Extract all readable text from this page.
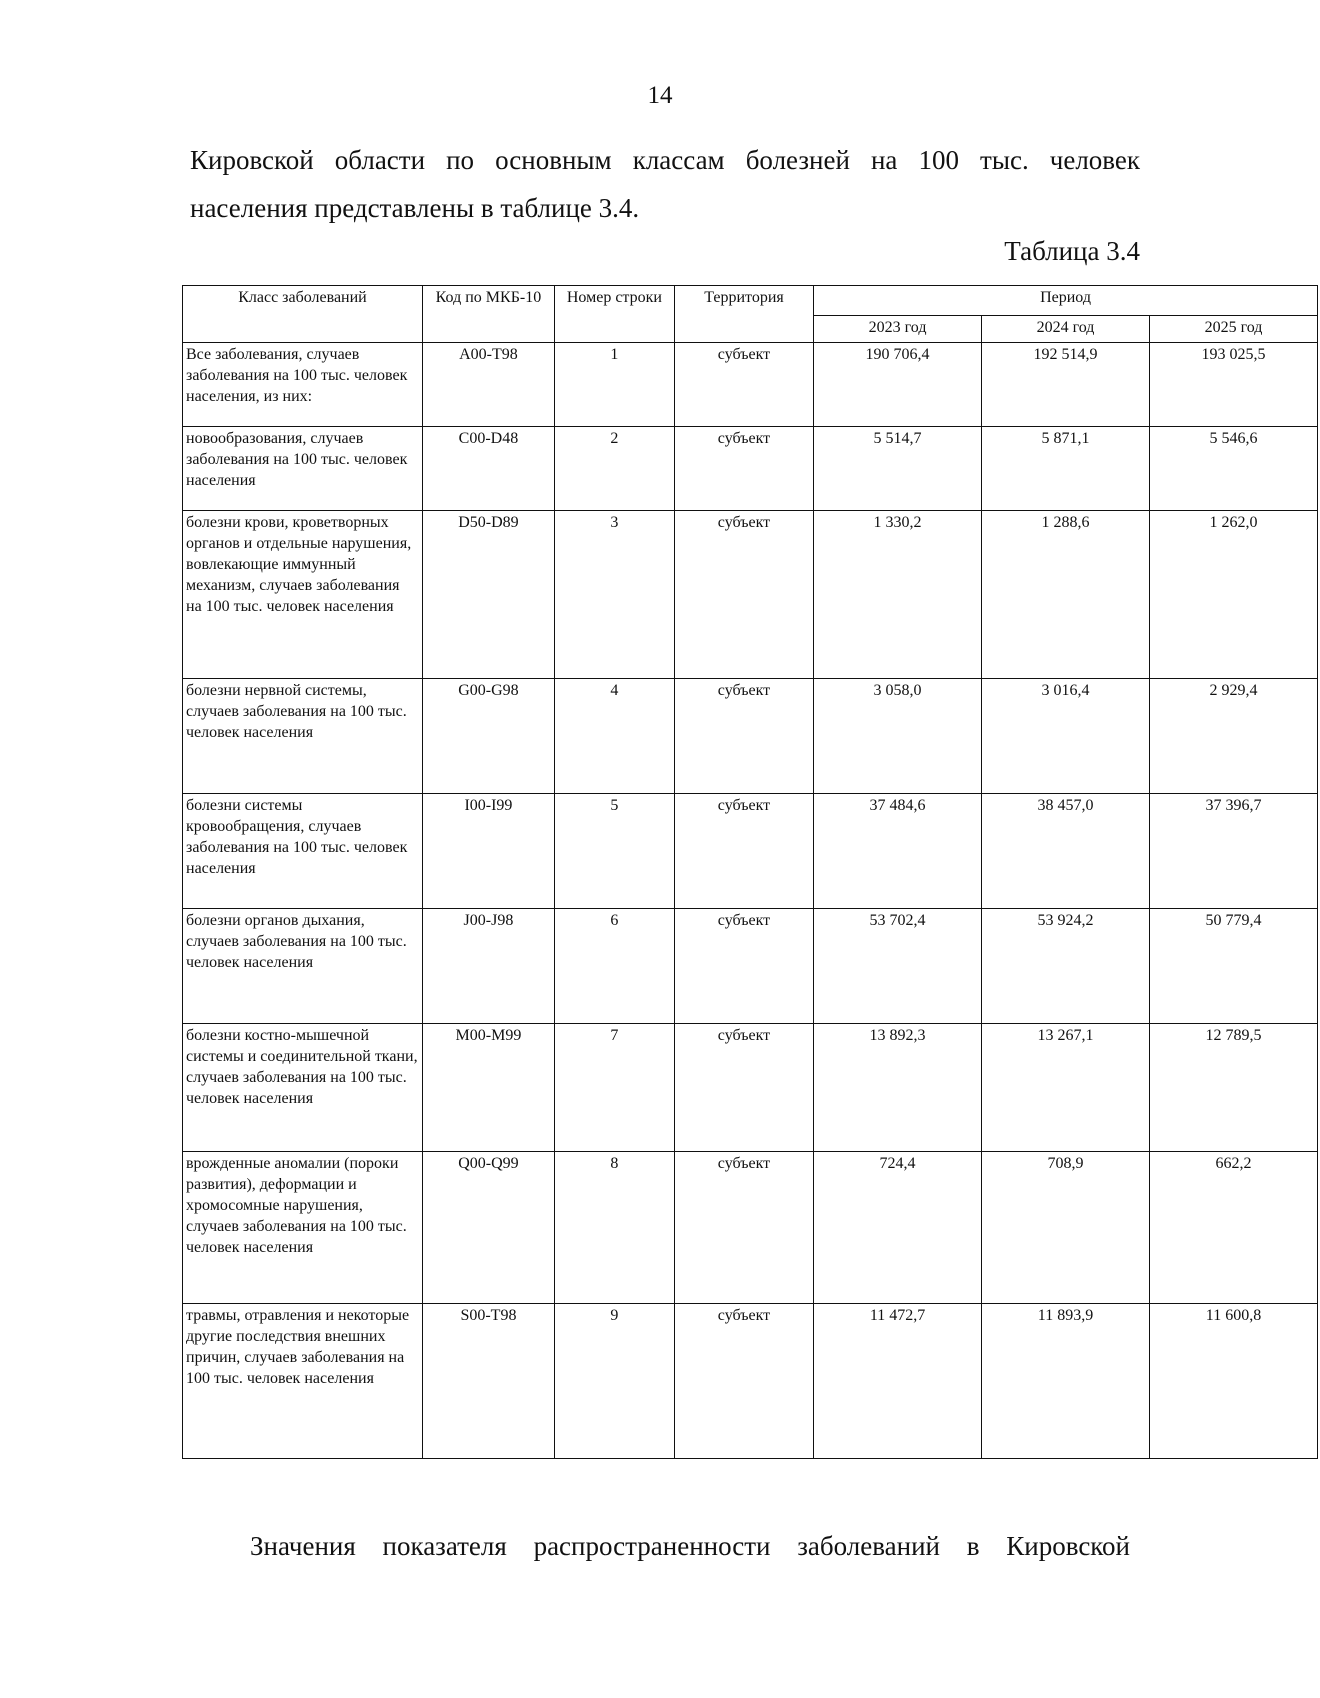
14
Кировской области по основным классам болезней на 100 тыс. человек
населения представлены в таблице 3.4.
Таблица 3.4
Класс заболеваний	Код по МКБ-10	Номер строки	Территория	Период		
				2023 год	2024 год	2025 год
Все заболевания, случаев заболевания на 100 тыс. человек населения, из них:	A00-T98	1	субъект	190 706,4	192 514,9	193 025,5
новообразования, случаев заболевания на 100 тыс. человек населения	C00-D48	2	субъект	5 514,7	5 871,1	5 546,6
болезни крови, кроветворных органов и отдельные нарушения, вовлекающие иммунный механизм, случаев заболевания на 100 тыс. человек населения	D50-D89	3	субъект	1 330,2	1 288,6	1 262,0
болезни нервной системы, случаев заболевания на 100 тыс. человек населения	G00-G98	4	субъект	3 058,0	3 016,4	2 929,4
болезни системы кровообращения, случаев заболевания на 100 тыс. человек населения	I00-I99	5	субъект	37 484,6	38 457,0	37 396,7
болезни органов дыхания, случаев заболевания на 100 тыс. человек населения	J00-J98	6	субъект	53 702,4	53 924,2	50 779,4
болезни костно-мышечной системы и соединительной ткани, случаев заболевания на 100 тыс. человек населения	M00-M99	7	субъект	13 892,3	13 267,1	12 789,5
врожденные аномалии (пороки развития), деформации и хромосомные нарушения, случаев заболевания на 100 тыс. человек населения	Q00-Q99	8	субъект	724,4	708,9	662,2
травмы, отравления и некоторые другие последствия внешних причин, случаев заболевания на 100 тыс. человек населения	S00-T98	9	субъект	11 472,7	11 893,9	11 600,8
Значения показателя распространенности заболеваний в Кировской
